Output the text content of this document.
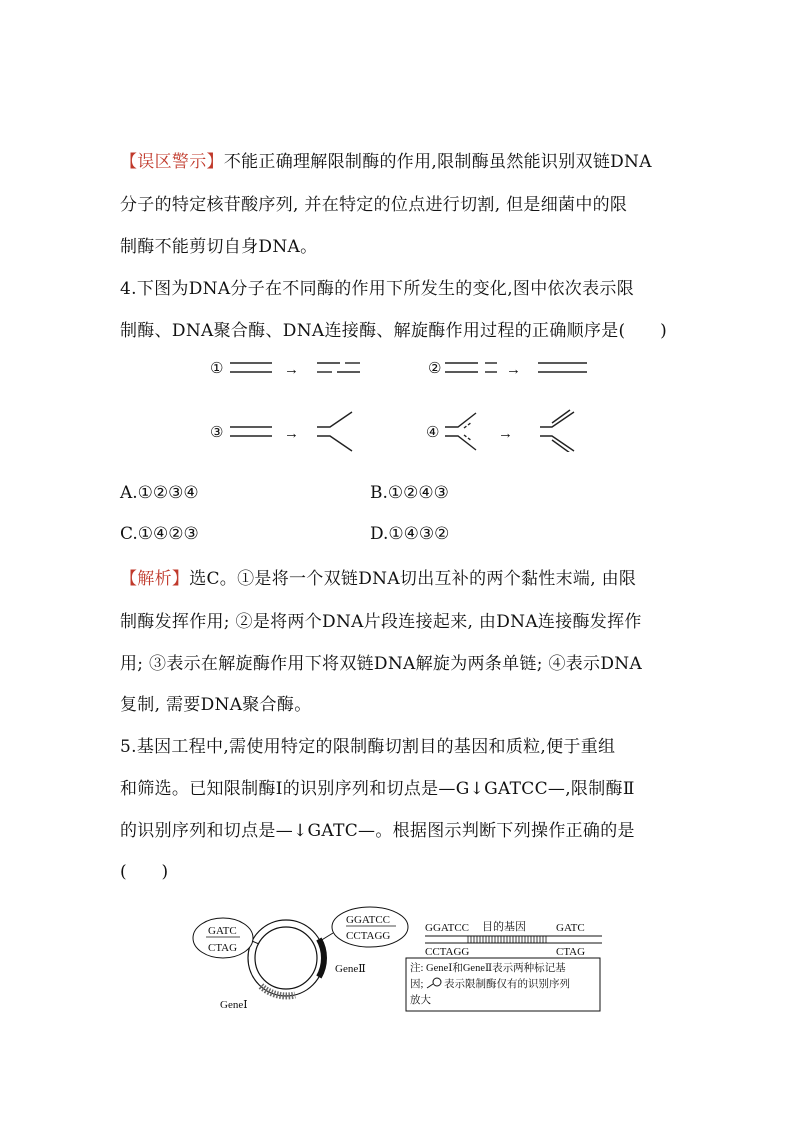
【误区警示】不能正确理解限制酶的作用,限制酶虽然能识别双链DNA
分子的特定核苷酸序列, 并在特定的位点进行切割, 但是细菌中的限
制酶不能剪切自身DNA。
4.下图为DNA分子在不同酶的作用下所发生的变化,图中依次表示限
制酶、DNA聚合酶、DNA连接酶、解旋酶作用过程的正确顺序是(　　)
①	②
③	④
→	→
→	→
A.①②③④	B.①②④③
C.①④②③	D.①④③②
【解析】选C。①是将一个双链DNA切出互补的两个黏性末端, 由限
制酶发挥作用; ②是将两个DNA片段连接起来, 由DNA连接酶发挥作
用; ③表示在解旋酶作用下将双链DNA解旋为两条单链; ④表示DNA
复制, 需要DNA聚合酶。
5.基因工程中,需使用特定的限制酶切割目的基因和质粒,便于重组
和筛选。已知限制酶Ⅰ的识别序列和切点是—G↓GATCC—,限制酶Ⅱ
的识别序列和切点是—↓GATC—。根据图示判断下列操作正确的是
(　　)
GATC
CTAG
GGATCC
CCTAGG
GeneⅠ
GeneⅡ
GGATCC 目的基因	GATC
CCTAGG	CTAG
注: GeneⅠ和GeneⅡ表示两种标记基
因; 表示限制酶仅有的识别序列
放大
